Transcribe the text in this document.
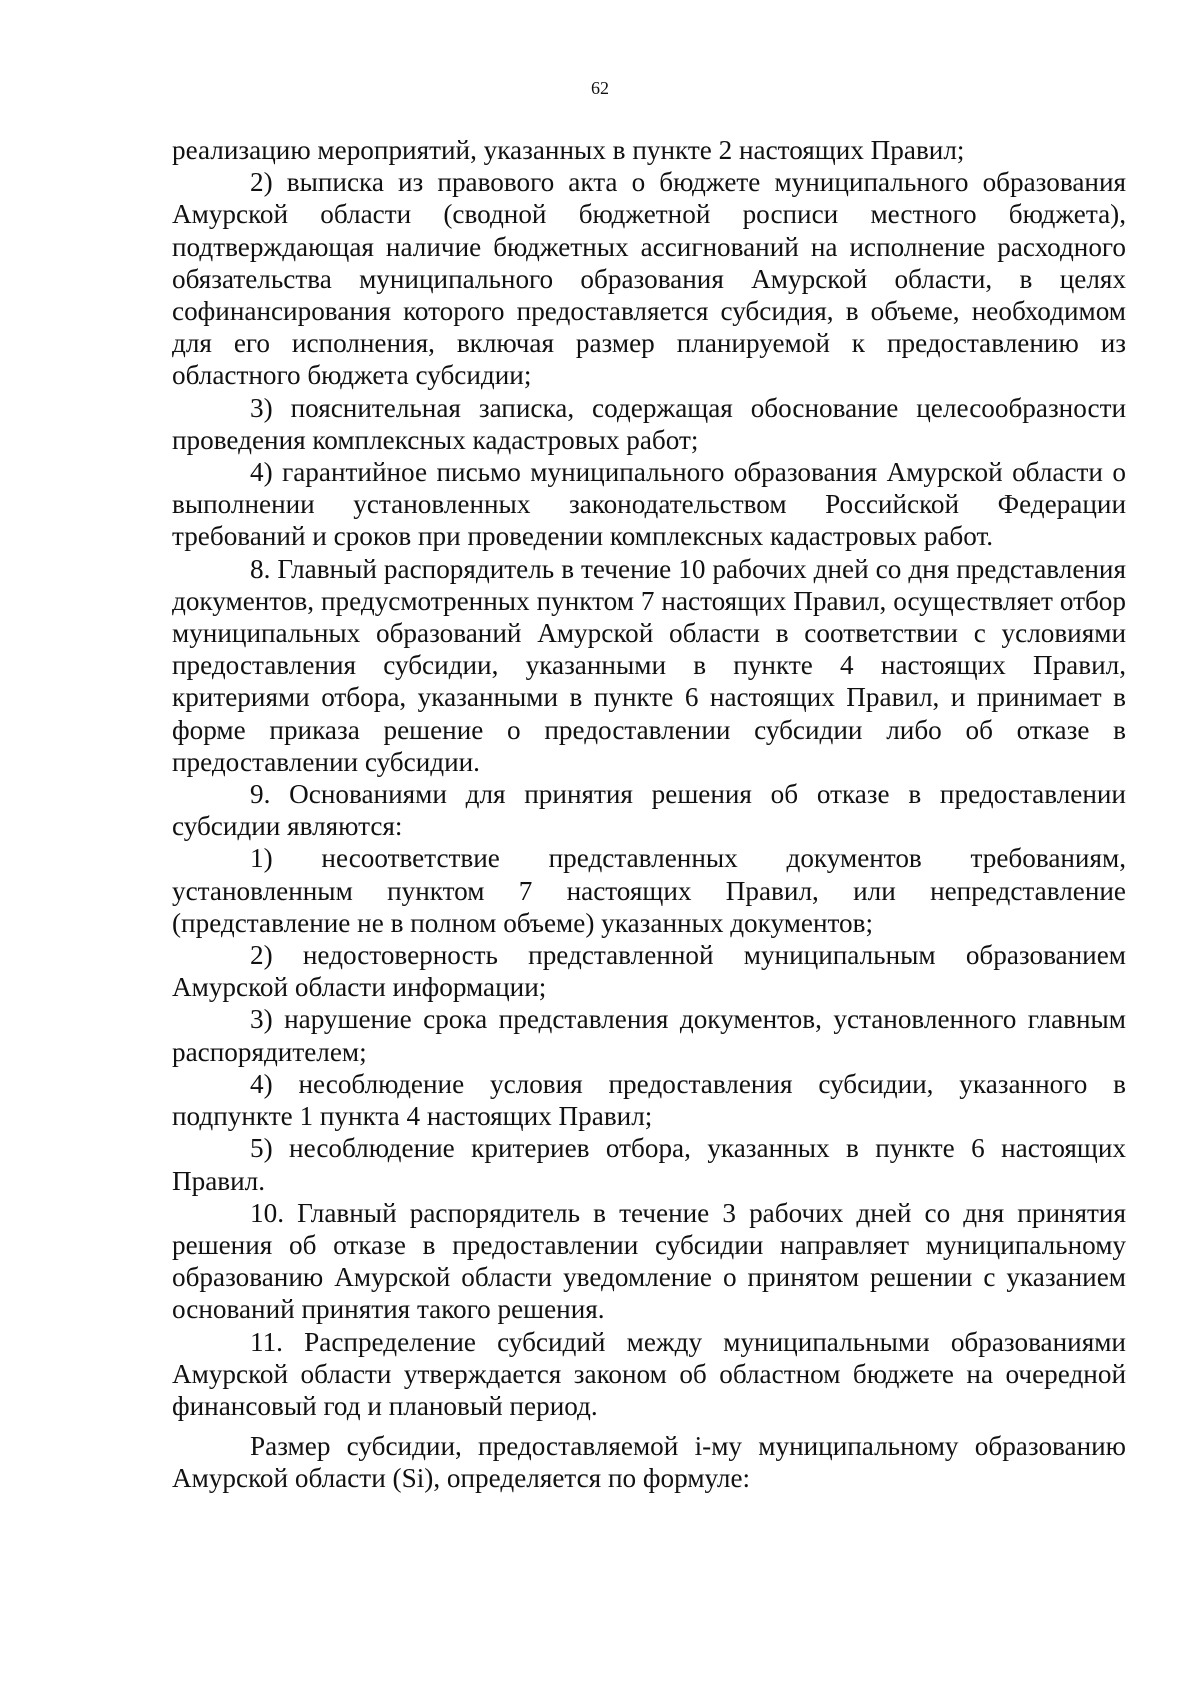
62

реализацию мероприятий, указанных в пункте 2 настоящих Правил;

2) выписка из правового акта о бюджете муниципального образования Амурской области (сводной бюджетной росписи местного бюджета), подтверждающая наличие бюджетных ассигнований на исполнение расходного обязательства муниципального образования Амурской области, в целях софинансирования которого предоставляется субсидия, в объеме, необходимом для его исполнения, включая размер планируемой к предоставлению из областного бюджета субсидии;

3) пояснительная записка, содержащая обоснование целесообразности проведения комплексных кадастровых работ;

4) гарантийное письмо муниципального образования Амурской области о выполнении установленных законодательством Российской Федерации требований и сроков при проведении комплексных кадастровых работ.

8. Главный распорядитель в течение 10 рабочих дней со дня представления документов, предусмотренных пунктом 7 настоящих Правил, осуществляет отбор муниципальных образований Амурской области в соответствии с условиями предоставления субсидии, указанными в пункте 4 настоящих Правил, критериями отбора, указанными в пункте 6 настоящих Правил, и принимает в форме приказа решение о предоставлении субсидии либо об отказе в предоставлении субсидии.

9. Основаниями для принятия решения об отказе в предоставлении субсидии являются:

1) несоответствие представленных документов требованиям, установленным пунктом 7 настоящих Правил, или непредставление (представление не в полном объеме) указанных документов;

2) недостоверность представленной муниципальным образованием Амурской области информации;

3) нарушение срока представления документов, установленного главным распорядителем;

4) несоблюдение условия предоставления субсидии, указанного в подпункте 1 пункта 4 настоящих Правил;

5) несоблюдение критериев отбора, указанных в пункте 6 настоящих Правил.

10. Главный распорядитель в течение 3 рабочих дней со дня принятия решения об отказе в предоставлении субсидии направляет муниципальному образованию Амурской области уведомление о принятом решении с указанием оснований принятия такого решения.

11. Распределение субсидий между муниципальными образованиями Амурской области утверждается законом об областном бюджете на очередной финансовый год и плановый период.

Размер субсидии, предоставляемой i-му муниципальному образованию Амурской области (Si), определяется по формуле:
